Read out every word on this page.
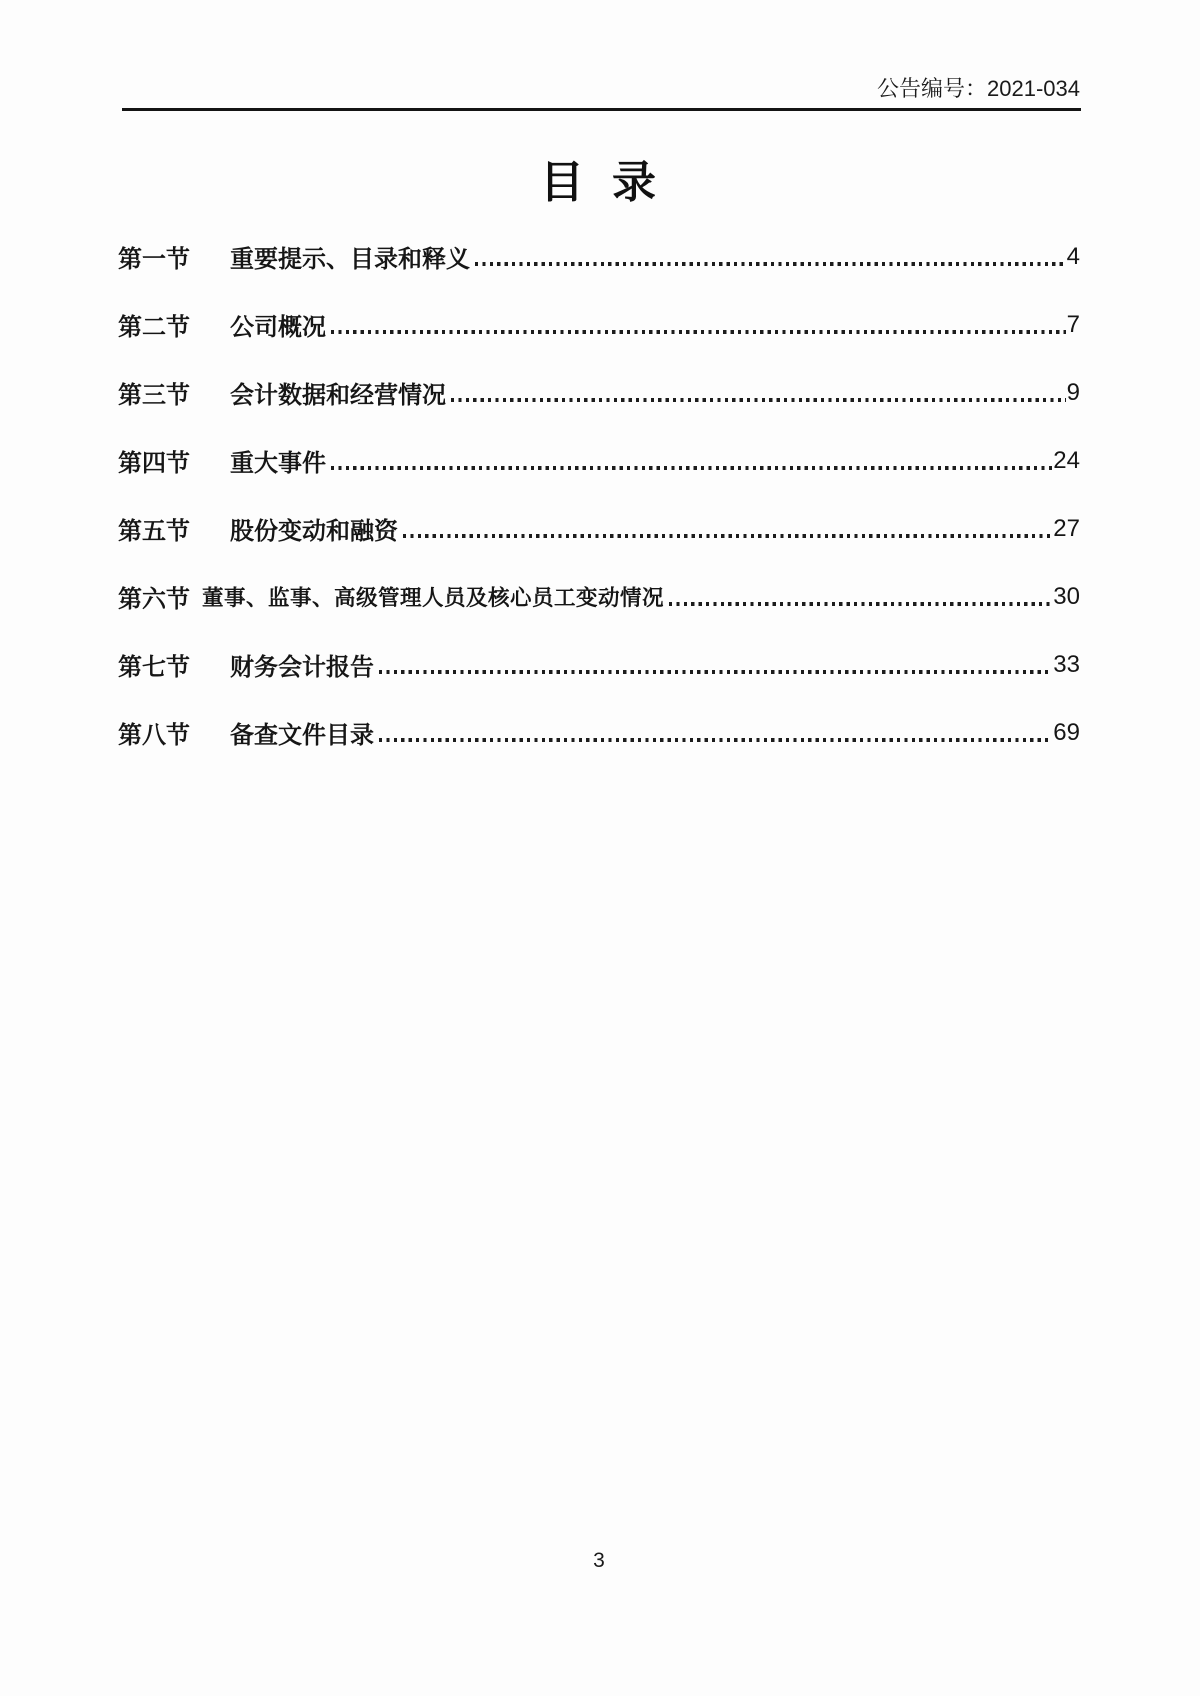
公告编号：2021-034
目  录
第一节	重要提示、目录和释义	4
第二节	公司概况	7
第三节	会计数据和经营情况	9
第四节	重大事件	24
第五节	股份变动和融资	27
第六节 董事、监事、高级管理人员及核心员工变动情况	30
第七节	财务会计报告	33
第八节	备查文件目录	69
3
